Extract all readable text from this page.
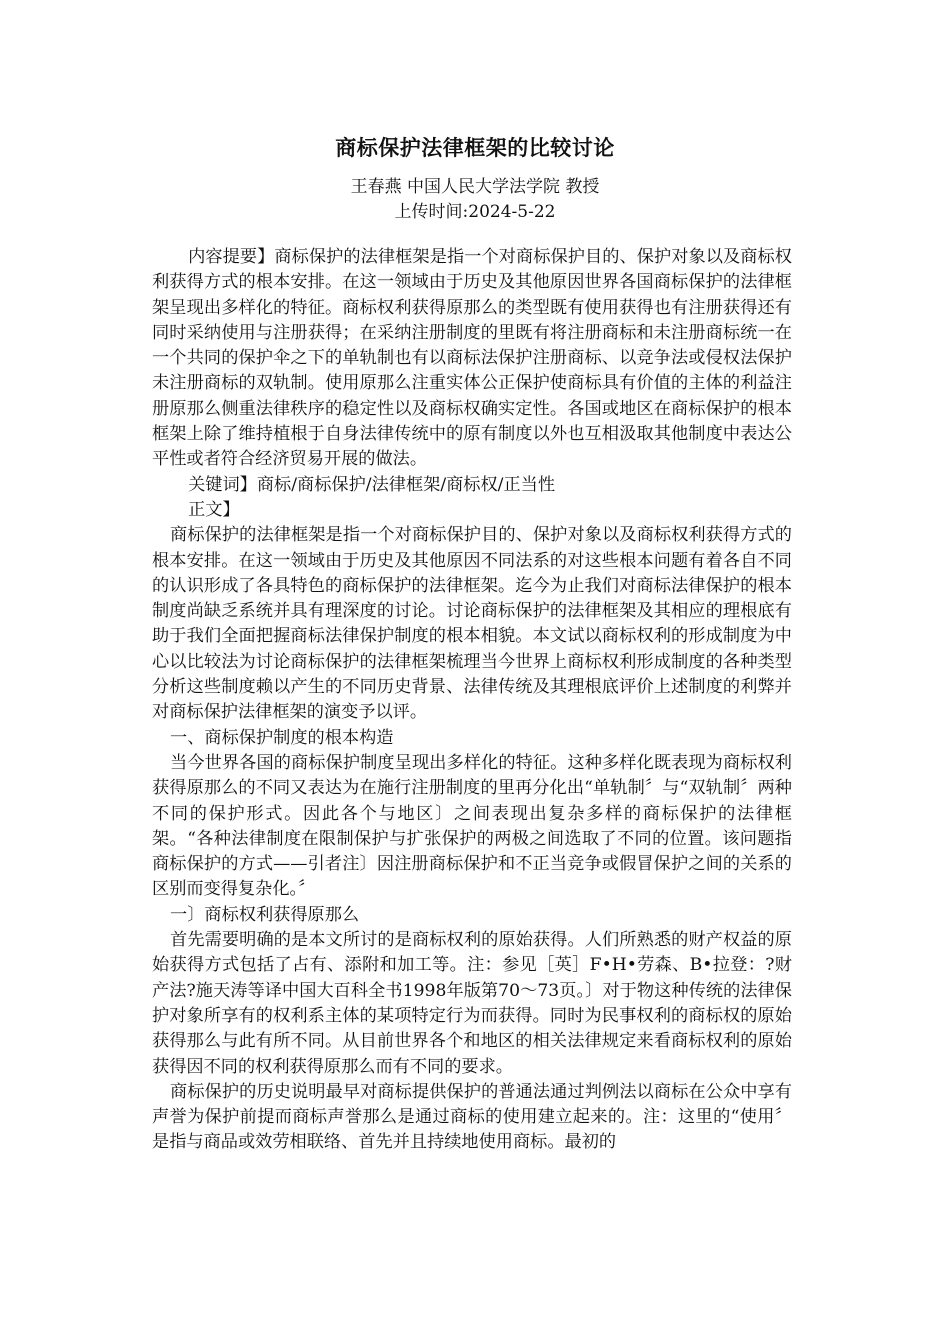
商标保护法律框架的比较讨论
王春燕 中国人民大学法学院 教授
上传时间:2024-5-22

内容提要】商标保护的法律框架是指一个对商标保护目的、保护对象以及商标权利获得方式的根本安排。在这一领域由于历史及其他原因世界各国商标保护的法律框架呈现出多样化的特征。商标权利获得原那么的类型既有使用获得也有注册获得还有同时采纳使用与注册获得；在采纳注册制度的里既有将注册商标和未注册商标统一在一个共同的保护伞之下的单轨制也有以商标法保护注册商标、以竞争法或侵权法保护未注册商标的双轨制。使用原那么注重实体公正保护使商标具有价值的主体的利益注册原那么侧重法律秩序的稳定性以及商标权确实定性。各国或地区在商标保护的根本框架上除了维持植根于自身法律传统中的原有制度以外也互相汲取其他制度中表达公平性或者符合经济贸易开展的做法。

关键词】商标/商标保护/法律框架/商标权/正当性

正文】

商标保护的法律框架是指一个对商标保护目的、保护对象以及商标权利获得方式的根本安排。在这一领域由于历史及其他原因不同法系的对这些根本问题有着各自不同的认识形成了各具特色的商标保护的法律框架。迄今为止我们对商标法律保护的根本制度尚缺乏系统并具有理深度的讨论。讨论商标保护的法律框架及其相应的理根底有助于我们全面把握商标法律保护制度的根本相貌。本文试以商标权利的形成制度为中心以比较法为讨论商标保护的法律框架梳理当今世界上商标权利形成制度的各种类型分析这些制度赖以产生的不同历史背景、法律传统及其理根底评价上述制度的利弊并对商标保护法律框架的演变予以评。

一、商标保护制度的根本构造

当今世界各国的商标保护制度呈现出多样化的特征。这种多样化既表现为商标权利获得原那么的不同又表达为在施行注册制度的里再分化出“单轨制〞与“双轨制〞两种不同的保护形式。因此各个与地区〕之间表现出复杂多样的商标保护的法律框架。“各种法律制度在限制保护与扩张保护的两极之间选取了不同的位置。该问题指商标保护的方式——引者注〕因注册商标保护和不正当竞争或假冒保护之间的关系的区别而变得复杂化。〞

一〕商标权利获得原那么

首先需要明确的是本文所讨的是商标权利的原始获得。人们所熟悉的财产权益的原始获得方式包括了占有、添附和加工等。注：参见［英］F•H•劳森、B•拉登：?财产法?施天涛等译中国大百科全书1998年版第70～73页。〕对于物这种传统的法律保护对象所享有的权利系主体的某项特定行为而获得。同时为民事权利的商标权的原始获得那么与此有所不同。从目前世界各个和地区的相关法律规定来看商标权利的原始获得因不同的权利获得原那么而有不同的要求。

商标保护的历史说明最早对商标提供保护的普通法通过判例法以商标在公众中享有声誉为保护前提而商标声誉那么是通过商标的使用建立起来的。注：这里的“使用〞是指与商品或效劳相联络、首先并且持续地使用商标。最初的
